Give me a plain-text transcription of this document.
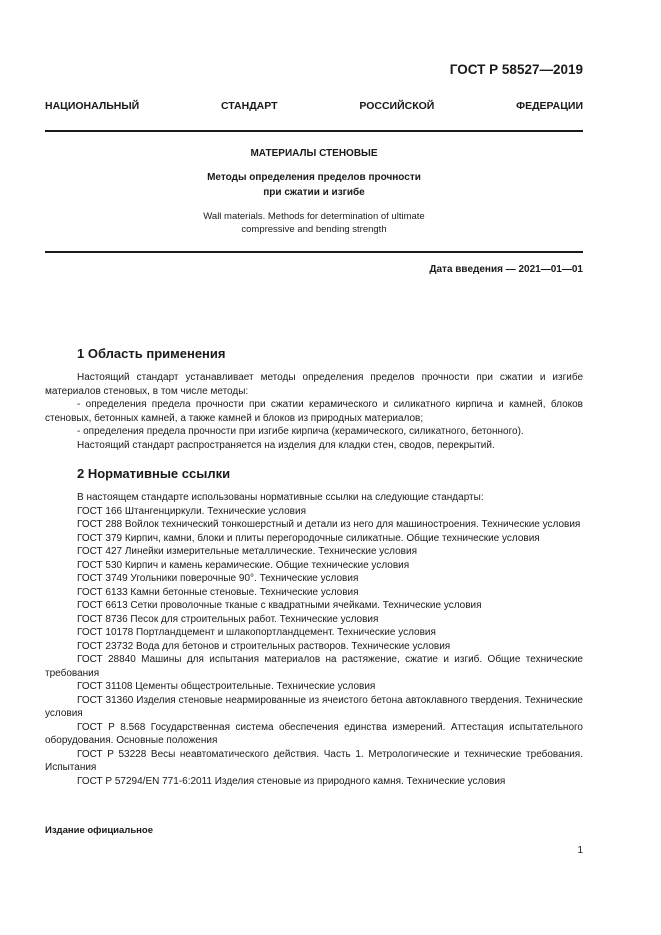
ГОСТ Р 58527—2019
НАЦИОНАЛЬНЫЙ	СТАНДАРТ	РОССИЙСКОЙ	ФЕДЕРАЦИИ
МАТЕРИАЛЫ СТЕНОВЫЕ
Методы определения пределов прочности
при сжатии и изгибе
Wall materials. Methods for determination of ultimate
compressive and bending strength
Дата введения — 2021—01—01
1 Область применения

Настоящий стандарт устанавливает методы определения пределов прочности при сжатии и изгибе материалов стеновых, в том числе методы:

- определения предела прочности при сжатии керамического и силикатного кирпича и камней, блоков стеновых, бетонных камней, а также камней и блоков из природных материалов;

- определения предела прочности при изгибе кирпича (керамического, силикатного, бетонного).

Настоящий стандарт распространяется на изделия для кладки стен, сводов, перекрытий.

2 Нормативные ссылки

В настоящем стандарте использованы нормативные ссылки на следующие стандарты:

ГОСТ 166 Штангенциркули. Технические условия

ГОСТ 288 Войлок технический тонкошерстный и детали из него для машиностроения. Технические условия

ГОСТ 379 Кирпич, камни, блоки и плиты перегородочные силикатные. Общие технические условия

ГОСТ 427 Линейки измерительные металлические. Технические условия

ГОСТ 530 Кирпич и камень керамические. Общие технические условия

ГОСТ 3749 Угольники поверочные 90°. Технические условия

ГОСТ 6133 Камни бетонные стеновые. Технические условия

ГОСТ 6613 Сетки проволочные тканые с квадратными ячейками. Технические условия

ГОСТ 8736 Песок для строительных работ. Технические условия

ГОСТ 10178 Портландцемент и шлакопортландцемент. Технические условия

ГОСТ 23732 Вода для бетонов и строительных растворов. Технические условия

ГОСТ 28840 Машины для испытания материалов на растяжение, сжатие и изгиб. Общие технические требования

ГОСТ 31108 Цементы общестроительные. Технические условия

ГОСТ 31360 Изделия стеновые неармированные из ячеистого бетона автоклавного твердения. Технические условия

ГОСТ Р 8.568 Государственная система обеспечения единства измерений. Аттестация испытательного оборудования. Основные положения

ГОСТ Р 53228 Весы неавтоматического действия. Часть 1. Метрологические и технические требования. Испытания

ГОСТ Р 57294/EN 771-6:2011 Изделия стеновые из природного камня. Технические условия

Издание официальное
1
